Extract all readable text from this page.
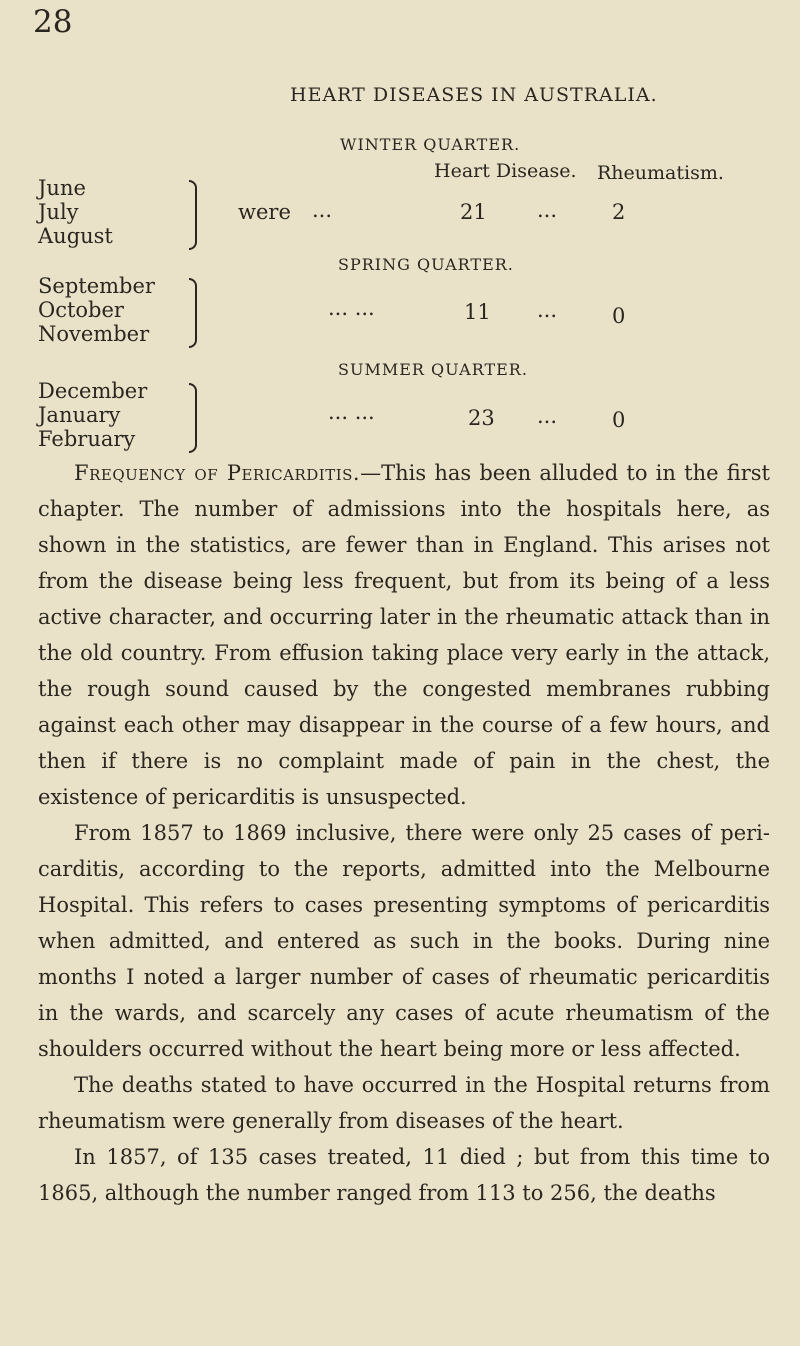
28
HEART DISEASES IN AUSTRALIA.
WINTER QUARTER.
Heart Disease. Rheumatism.
June
July
August
were ...	21 ...	2
SPRING QUARTER.
September
October
November
... ...	11 ...	0
SUMMER QUARTER.
December
January
February
... ...	23 ...	0

Frequency of Pericarditis.—This has been alluded to in the first chapter. The number of admissions into the hospitals here, as shown in the statistics, are fewer than in England. This arises not from the disease being less frequent, but from its being of a less active character, and occurring later in the rheumatic attack than in the old country. From effusion taking place very early in the attack, the rough sound caused by the congested membranes rubbing against each other may disappear in the course of a few hours, and then if there is no complaint made of pain in the chest, the existence of pericarditis is unsuspected.

From 1857 to 1869 inclusive, there were only 25 cases of peri-carditis, according to the reports, admitted into the Melbourne Hospital. This refers to cases presenting symptoms of pericarditis when admitted, and entered as such in the books. During nine months I noted a larger number of cases of rheumatic pericarditis in the wards, and scarcely any cases of acute rheumatism of the shoulders occurred without the heart being more or less affected.

The deaths stated to have occurred in the Hospital returns from rheumatism were generally from diseases of the heart.

In 1857, of 135 cases treated, 11 died ; but from this time to 1865, although the number ranged from 113 to 256, the deaths
